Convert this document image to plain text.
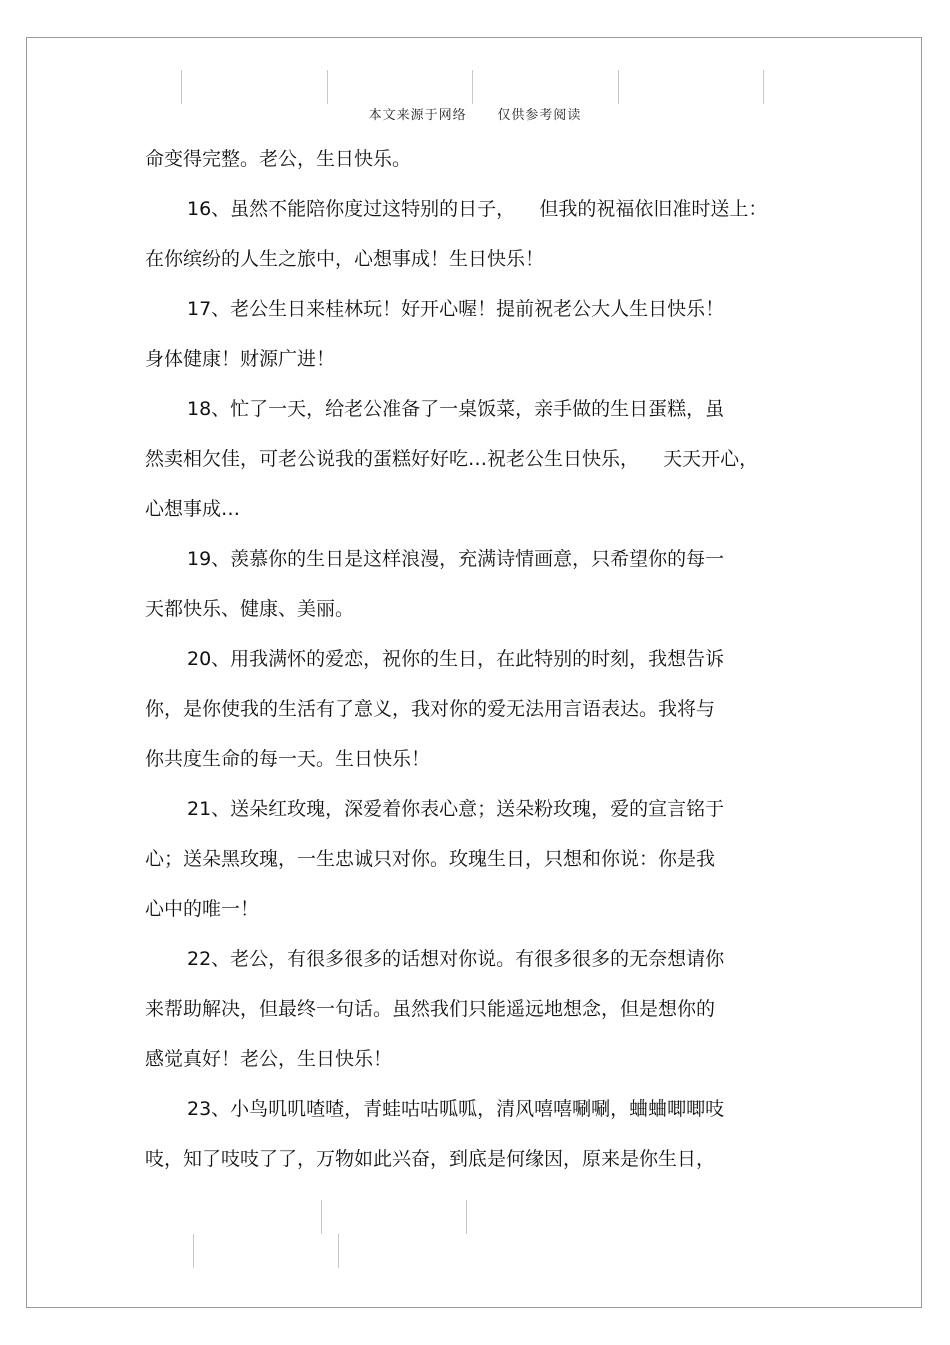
本文来源于网络      仅供参考阅读
命变得完整。老公，生日快乐。
16、虽然不能陪你度过这特别的日子，    但我的祝福依旧准时送上：
在你缤纷的人生之旅中，心想事成！生日快乐！
17、老公生日来桂林玩！好开心喔！提前祝老公大人生日快乐！
身体健康！财源广进！
18、忙了一天，给老公准备了一桌饭菜，亲手做的生日蛋糕，虽
然卖相欠佳，可老公说我的蛋糕好好吃…祝老公生日快乐，    天天开心，
心想事成…
19、羡慕你的生日是这样浪漫，充满诗情画意，只希望你的每一
天都快乐、健康、美丽。
20、用我满怀的爱恋，祝你的生日，在此特别的时刻，我想告诉
你，是你使我的生活有了意义，我对你的爱无法用言语表达。我将与
你共度生命的每一天。生日快乐！
21、送朵红玫瑰，深爱着你表心意；送朵粉玫瑰，爱的宣言铭于
心；送朵黑玫瑰，一生忠诚只对你。玫瑰生日，只想和你说：你是我
心中的唯一！
22、老公，有很多很多的话想对你说。有很多很多的无奈想请你
来帮助解决，但最终一句话。虽然我们只能遥远地想念，但是想你的
感觉真好！老公，生日快乐！
23、小鸟叽叽喳喳，青蛙咕咕呱呱，清风嘻嘻唰唰，蛐蛐唧唧吱
吱，知了吱吱了了，万物如此兴奋，到底是何缘因，原来是你生日，
